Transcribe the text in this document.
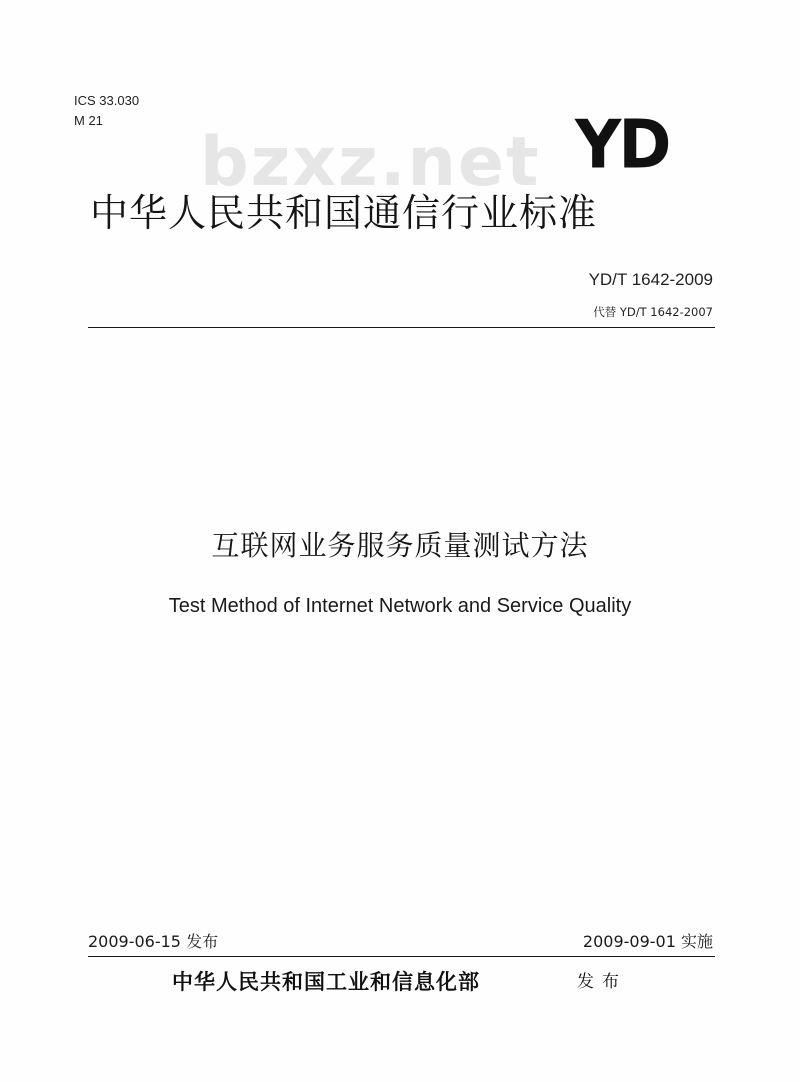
ICS 33.030
M 21
bzxz.net YD
中华人民共和国通信行业标准
YD/T 1642-2009
代替 YD/T 1642-2007
互联网业务服务质量测试方法
Test Method of Internet Network and Service Quality
2009-06-15 发布	2009-09-01 实施
中华人民共和国工业和信息化部	发布
